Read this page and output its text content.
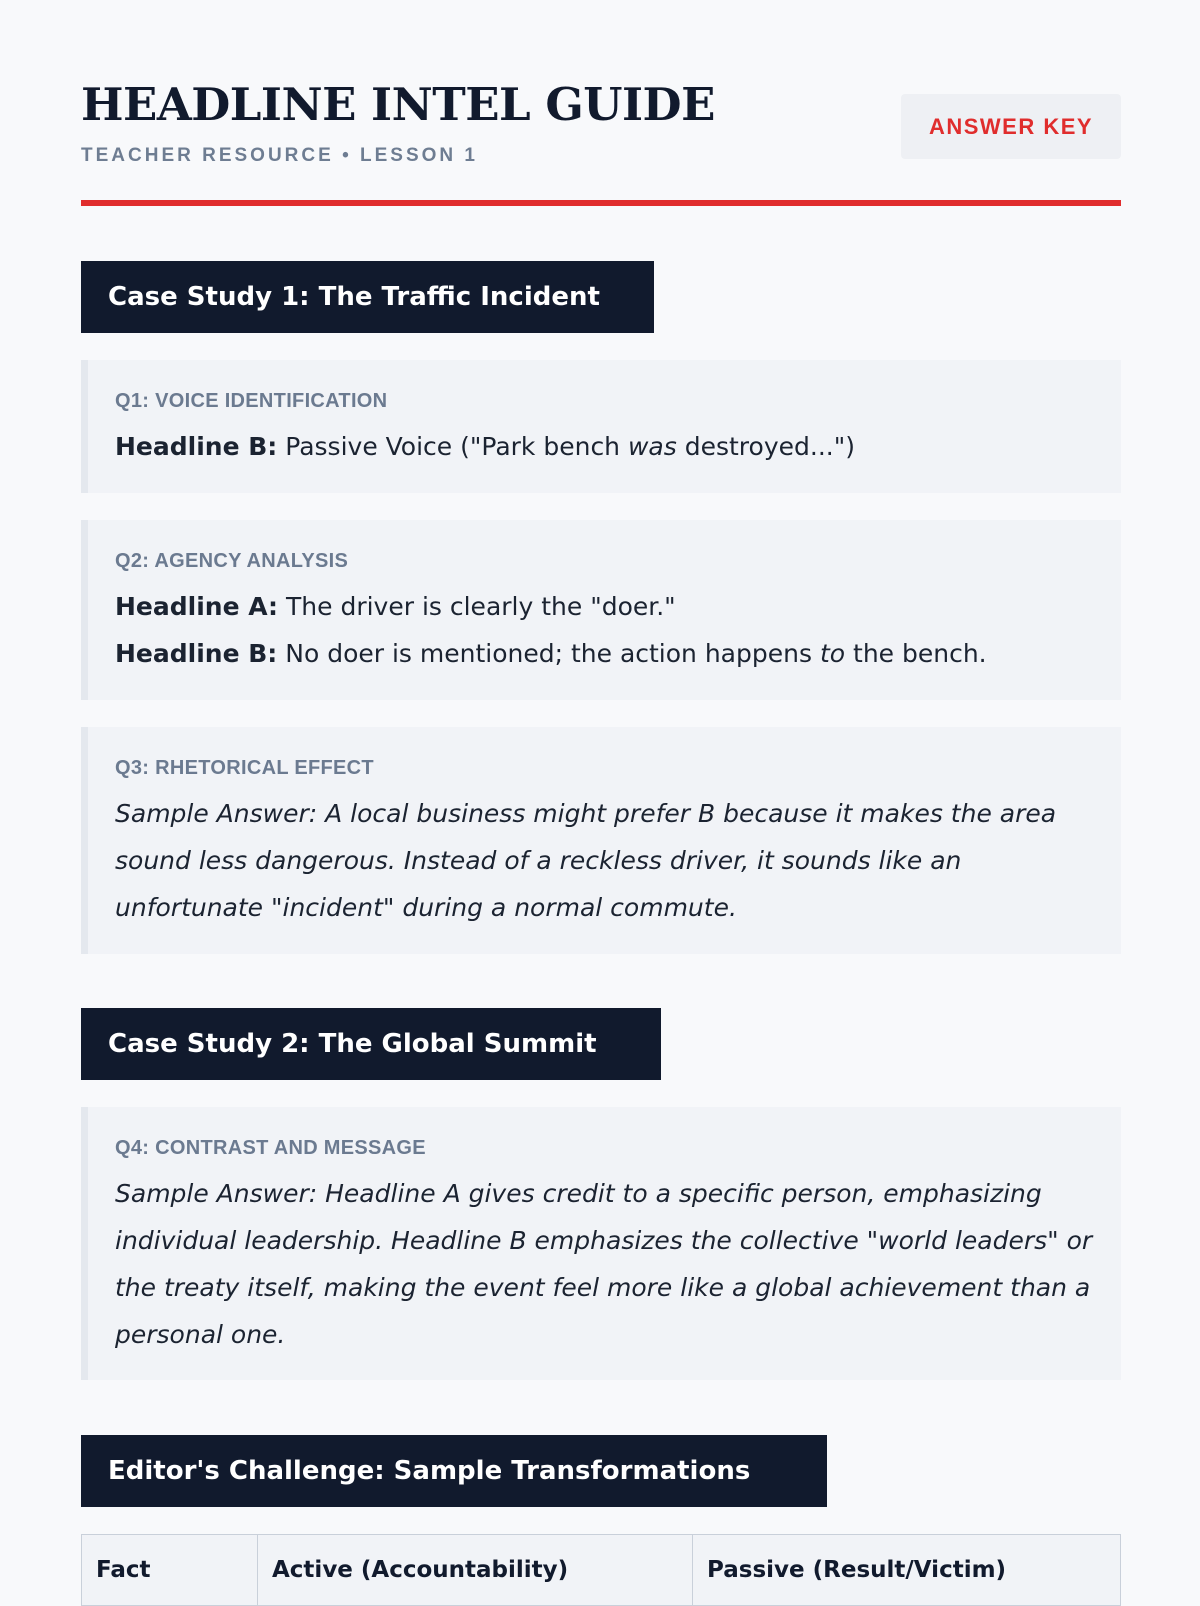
HEADLINE INTEL GUIDE
TEACHER RESOURCE • LESSON 1
ANSWER KEY
Case Study 1: The Traffic Incident
Q1: VOICE IDENTIFICATION
Headline B: Passive Voice ("Park bench was destroyed...")
Q2: AGENCY ANALYSIS
Headline A: The driver is clearly the "doer."
Headline B: No doer is mentioned; the action happens to the bench.
Q3: RHETORICAL EFFECT
Sample Answer: A local business might prefer B because it makes the area sound less dangerous. Instead of a reckless driver, it sounds like an unfortunate "incident" during a normal commute.
Case Study 2: The Global Summit
Q4: CONTRAST AND MESSAGE
Sample Answer: Headline A gives credit to a specific person, emphasizing individual leadership. Headline B emphasizes the collective "world leaders" or the treaty itself, making the event feel more like a global achievement than a personal one.
Editor's Challenge: Sample Transformations
Fact	Active (Accountability)	Passive (Result/Victim)
